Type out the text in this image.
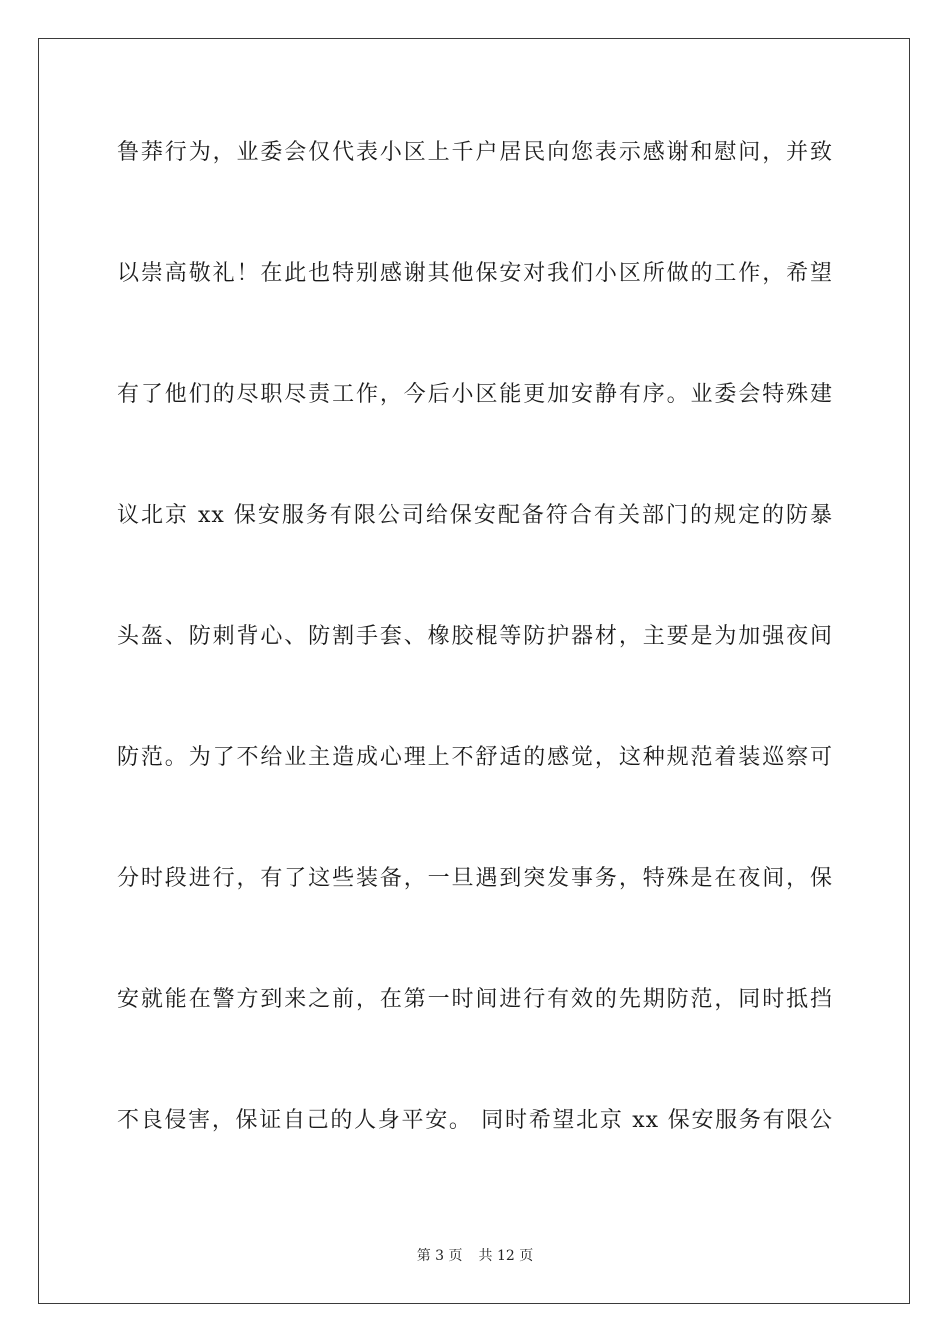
鲁莽行为，业委会仅代表小区上千户居民向您表示感谢和慰问，并致
以崇高敬礼！在此也特别感谢其他保安对我们小区所做的工作，希望
有了他们的尽职尽责工作，今后小区能更加安静有序。业委会特殊建
议北京 xx 保安服务有限公司给保安配备符合有关部门的规定的防暴
头盔、防刺背心、防割手套、橡胶棍等防护器材，主要是为加强夜间
防范。为了不给业主造成心理上不舒适的感觉，这种规范着装巡察可
分时段进行，有了这些装备，一旦遇到突发事务，特殊是在夜间，保
安就能在警方到来之前，在第一时间进行有效的先期防范，同时抵挡
不良侵害，保证自己的人身平安。 同时希望北京 xx 保安服务有限公
第 3 页 共 12 页
